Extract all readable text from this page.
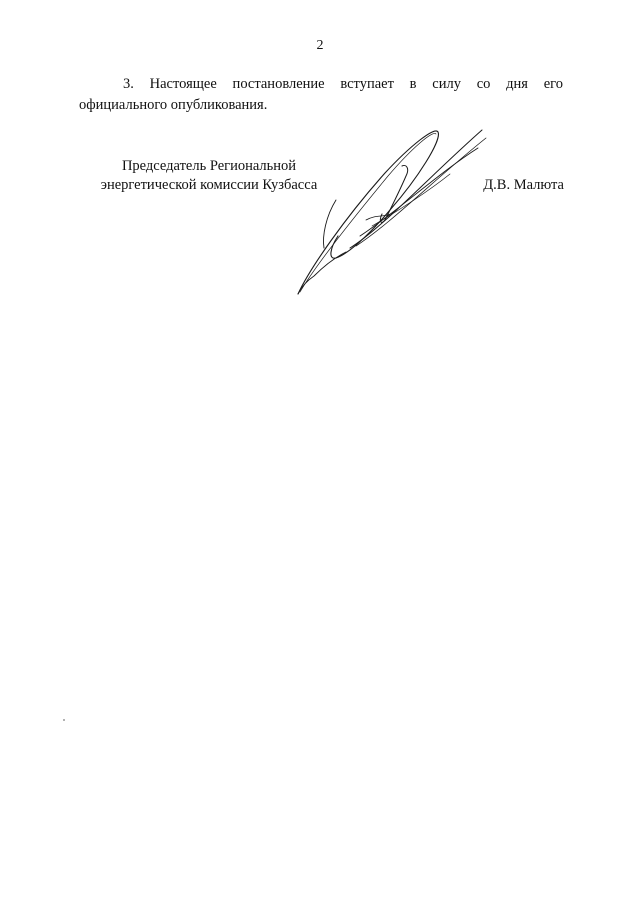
2
3. Настоящее постановление вступает в силу со дня его
официального опубликования.
Председатель Региональной
энергетической комиссии Кузбасса	Д.В. Малюта
